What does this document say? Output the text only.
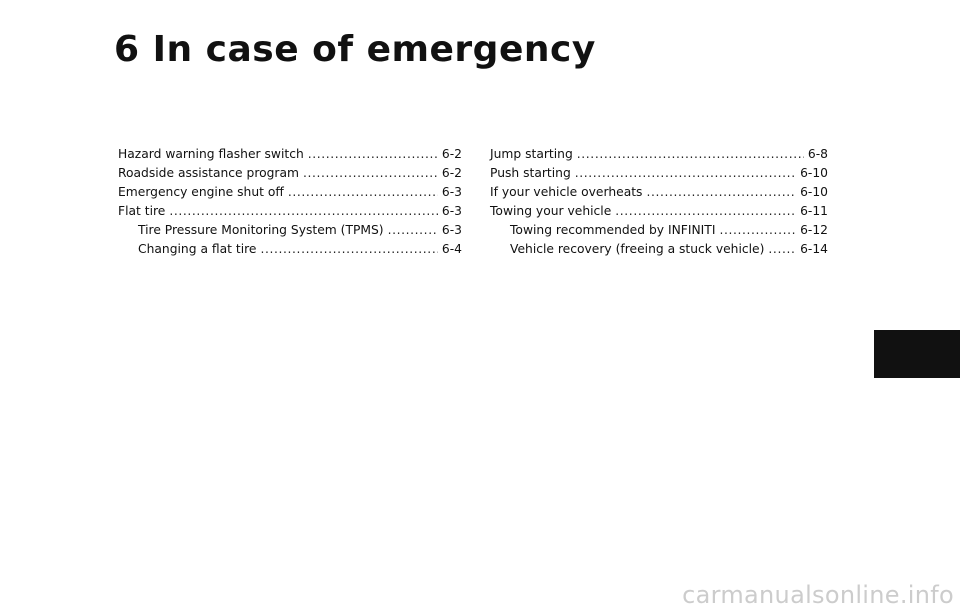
6 In case of emergency
Hazard warning flasher switch .....	6-2
Roadside assistance program .....	6-2
Emergency engine shut off .....	6-3
Flat tire .....	6-3
Tire Pressure Monitoring System (TPMS) .....	6-3
Changing a flat tire .....	6-4
Jump starting .....	6-8
Push starting .....	6-10
If your vehicle overheats .....	6-10
Towing your vehicle .....	6-11
Towing recommended by INFINITI .....	6-12
Vehicle recovery (freeing a stuck vehicle) .....	6-14
carmanualsonline.info
